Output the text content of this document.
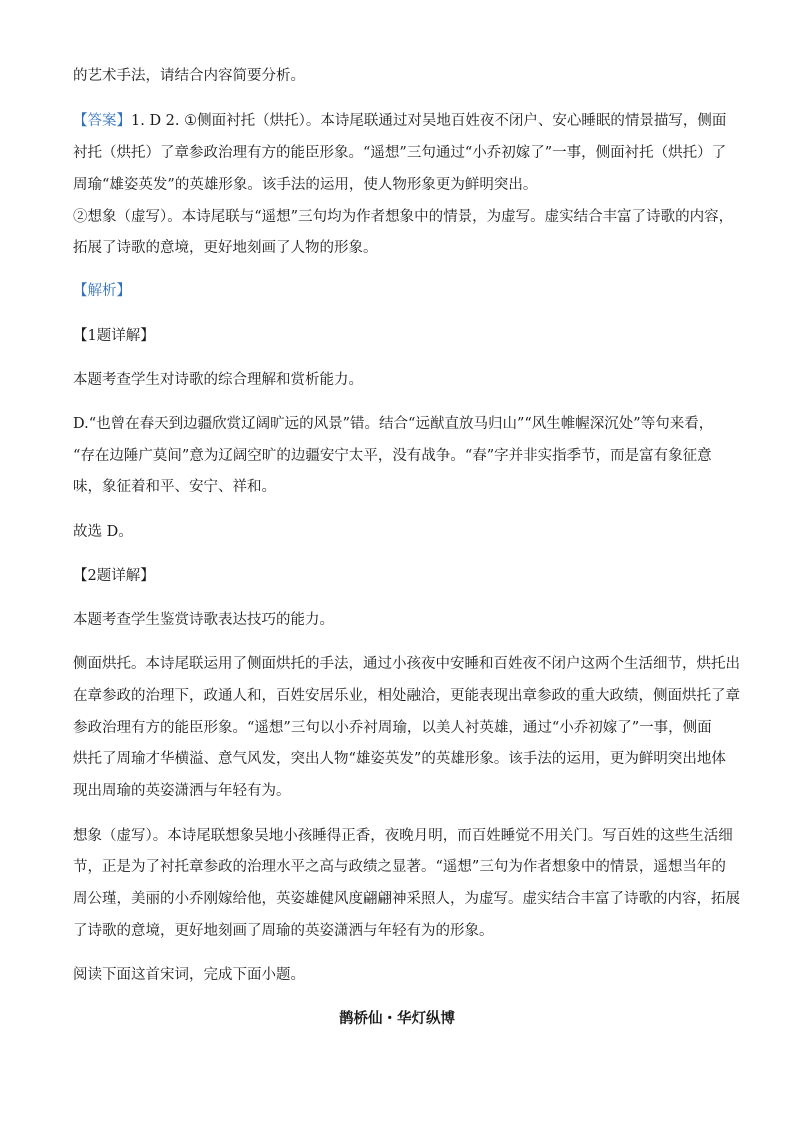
的艺术手法，请结合内容简要分析。
【答案】1. D 2. ①侧面衬托（烘托）。本诗尾联通过对吴地百姓夜不闭户、安心睡眠的情景描写，侧面
衬托（烘托）了章参政治理有方的能臣形象。“遥想”三句通过“小乔初嫁了”一事，侧面衬托（烘托）了
周瑜“雄姿英发”的英雄形象。该手法的运用，使人物形象更为鲜明突出。
②想象（虚写）。本诗尾联与“遥想”三句均为作者想象中的情景，为虚写。虚实结合丰富了诗歌的内容，
拓展了诗歌的意境，更好地刻画了人物的形象。
【解析】
【1题详解】
本题考查学生对诗歌的综合理解和赏析能力。
D.“也曾在春天到边疆欣赏辽阔旷远的风景”错。结合“远猷直放马归山”“风生帷幄深沉处”等句来看，
“存在边陲广莫间”意为辽阔空旷的边疆安宁太平，没有战争。“春”字并非实指季节，而是富有象征意
味，象征着和平、安宁、祥和。
故选 D。
【2题详解】
本题考查学生鉴赏诗歌表达技巧的能力。
侧面烘托。本诗尾联运用了侧面烘托的手法，通过小孩夜中安睡和百姓夜不闭户这两个生活细节，烘托出
在章参政的治理下，政通人和，百姓安居乐业，相处融洽，更能表现出章参政的重大政绩，侧面烘托了章
参政治理有方的能臣形象。“遥想”三句以小乔衬周瑜，以美人衬英雄，通过“小乔初嫁了”一事，侧面
烘托了周瑜才华横溢、意气风发，突出人物“雄姿英发”的英雄形象。该手法的运用，更为鲜明突出地体
现出周瑜的英姿潇洒与年轻有为。
想象（虚写）。本诗尾联想象吴地小孩睡得正香，夜晚月明，而百姓睡觉不用关门。写百姓的这些生活细
节，正是为了衬托章参政的治理水平之高与政绩之显著。“遥想”三句为作者想象中的情景，遥想当年的
周公瑾，美丽的小乔刚嫁给他，英姿雄健风度翩翩神采照人，为虚写。虚实结合丰富了诗歌的内容，拓展
了诗歌的意境，更好地刻画了周瑜的英姿潇洒与年轻有为的形象。
阅读下面这首宋词，完成下面小题。
鹊桥仙・华灯纵博
